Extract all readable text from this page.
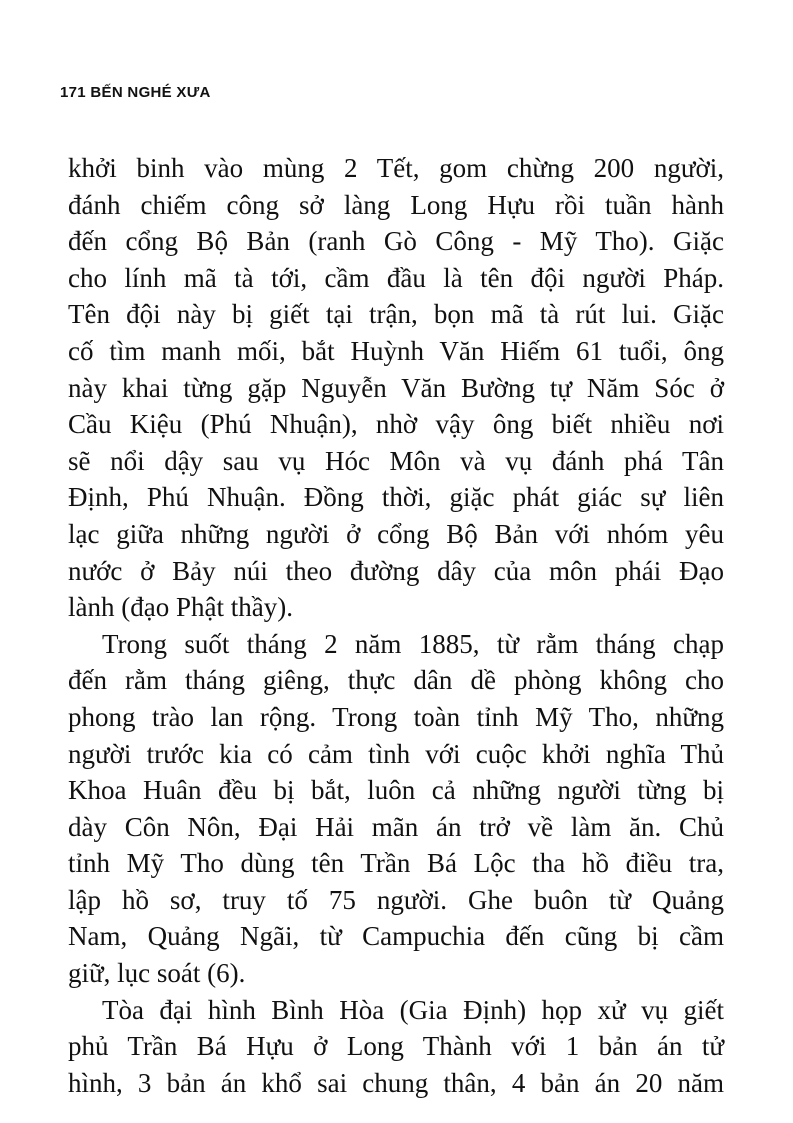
171 BẾN NGHÉ XƯA
khởi binh vào mùng 2 Tết, gom chừng 200 người,
đánh chiếm công sở làng Long Hựu rồi tuần hành
đến cổng Bộ Bản (ranh Gò Công - Mỹ Tho). Giặc
cho lính mã tà tới, cầm đầu là tên đội người Pháp.
Tên đội này bị giết tại trận, bọn mã tà rút lui. Giặc
cố tìm manh mối, bắt Huỳnh Văn Hiếm 61 tuổi, ông
này khai từng gặp Nguyễn Văn Bường tự Năm Sóc ở
Cầu Kiệu (Phú Nhuận), nhờ vậy ông biết nhiều nơi
sẽ nổi dậy sau vụ Hóc Môn và vụ đánh phá Tân
Định, Phú Nhuận. Đồng thời, giặc phát giác sự liên
lạc giữa những người ở cổng Bộ Bản với nhóm yêu
nước ở Bảy núi theo đường dây của môn phái Đạo
lành (đạo Phật thầy).
Trong suốt tháng 2 năm 1885, từ rằm tháng chạp
đến rằm tháng giêng, thực dân dề phòng không cho
phong trào lan rộng. Trong toàn tỉnh Mỹ Tho, những
người trước kia có cảm tình với cuộc khởi nghĩa Thủ
Khoa Huân đều bị bắt, luôn cả những người từng bị
dày Côn Nôn, Đại Hải mãn án trở về làm ăn. Chủ
tỉnh Mỹ Tho dùng tên Trần Bá Lộc tha hồ điều tra,
lập hồ sơ, truy tố 75 người. Ghe buôn từ Quảng
Nam, Quảng Ngãi, từ Campuchia đến cũng bị cầm
giữ, lục soát (6).
Tòa đại hình Bình Hòa (Gia Định) họp xử vụ giết
phủ Trần Bá Hựu ở Long Thành với 1 bản án tử
hình, 3 bản án khổ sai chung thân, 4 bản án 20 năm
